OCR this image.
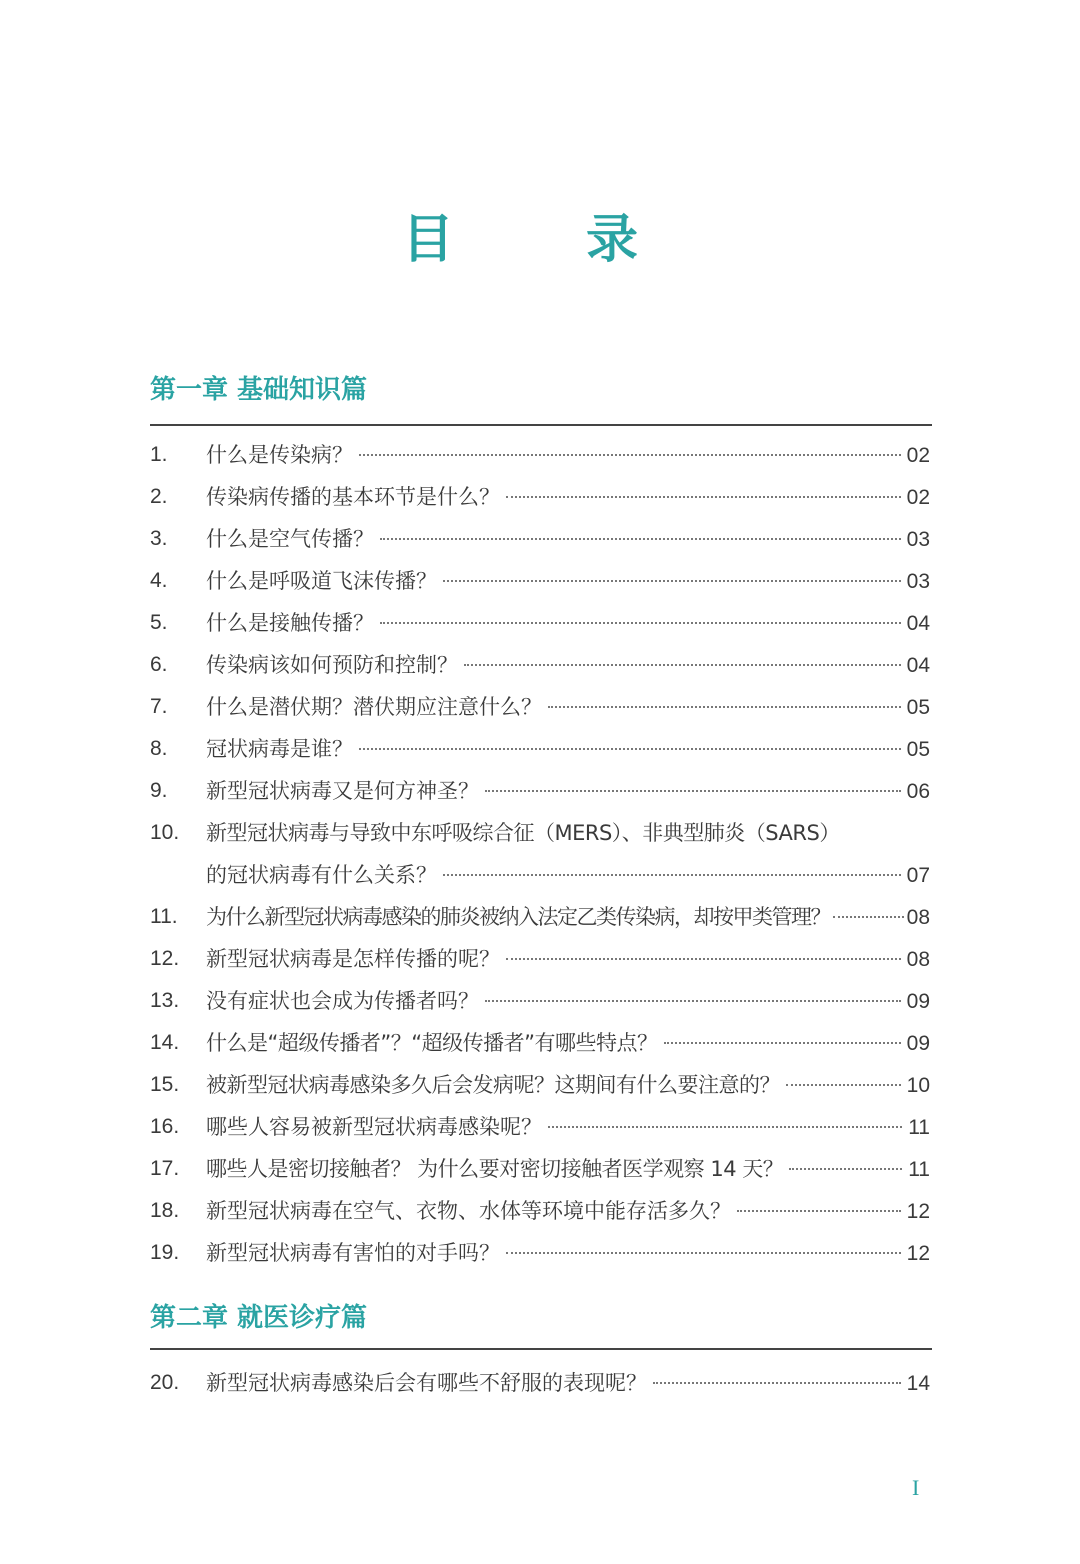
目　录
第一章 基础知识篇
1.	什么是传染病？	02
2.	传染病传播的基本环节是什么？	02
3.	什么是空气传播？	03
4.	什么是呼吸道飞沫传播？	03
5.	什么是接触传播？	04
6.	传染病该如何预防和控制？	04
7.	什么是潜伏期？潜伏期应注意什么？	05
8.	冠状病毒是谁？	05
9.	新型冠状病毒又是何方神圣？	06
10.	新型冠状病毒与导致中东呼吸综合征（MERS）、非典型肺炎（SARS）
的冠状病毒有什么关系？	07
11.	为什么新型冠状病毒感染的肺炎被纳入法定乙类传染病，却按甲类管理？	08
12.	新型冠状病毒是怎样传播的呢？	08
13.	没有症状也会成为传播者吗？	09
14.	什么是“超级传播者”？“超级传播者”有哪些特点？	09
15.	被新型冠状病毒感染多久后会发病呢？这期间有什么要注意的？	10
16.	哪些人容易被新型冠状病毒感染呢？	11
17.	哪些人是密切接触者？ 为什么要对密切接触者医学观察 14 天？	11
18.	新型冠状病毒在空气、衣物、水体等环境中能存活多久？	12
19.	新型冠状病毒有害怕的对手吗？	12
第二章 就医诊疗篇
20.	新型冠状病毒感染后会有哪些不舒服的表现呢？	14
I
